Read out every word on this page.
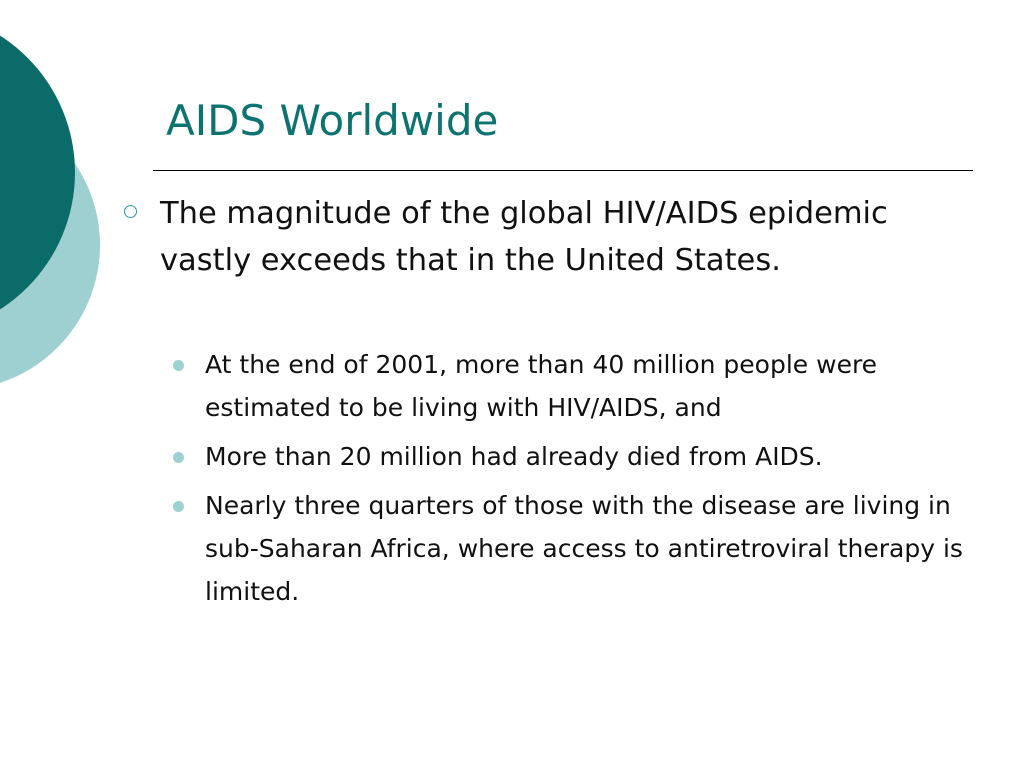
AIDS Worldwide
The magnitude of the global HIV/AIDS epidemic vastly exceeds that in the United States.
At the end of 2001, more than 40 million people were estimated to be living with HIV/AIDS, and
More than 20 million had already died from AIDS.
Nearly three quarters of those with the disease are living in sub-Saharan Africa, where access to antiretroviral therapy is limited.
